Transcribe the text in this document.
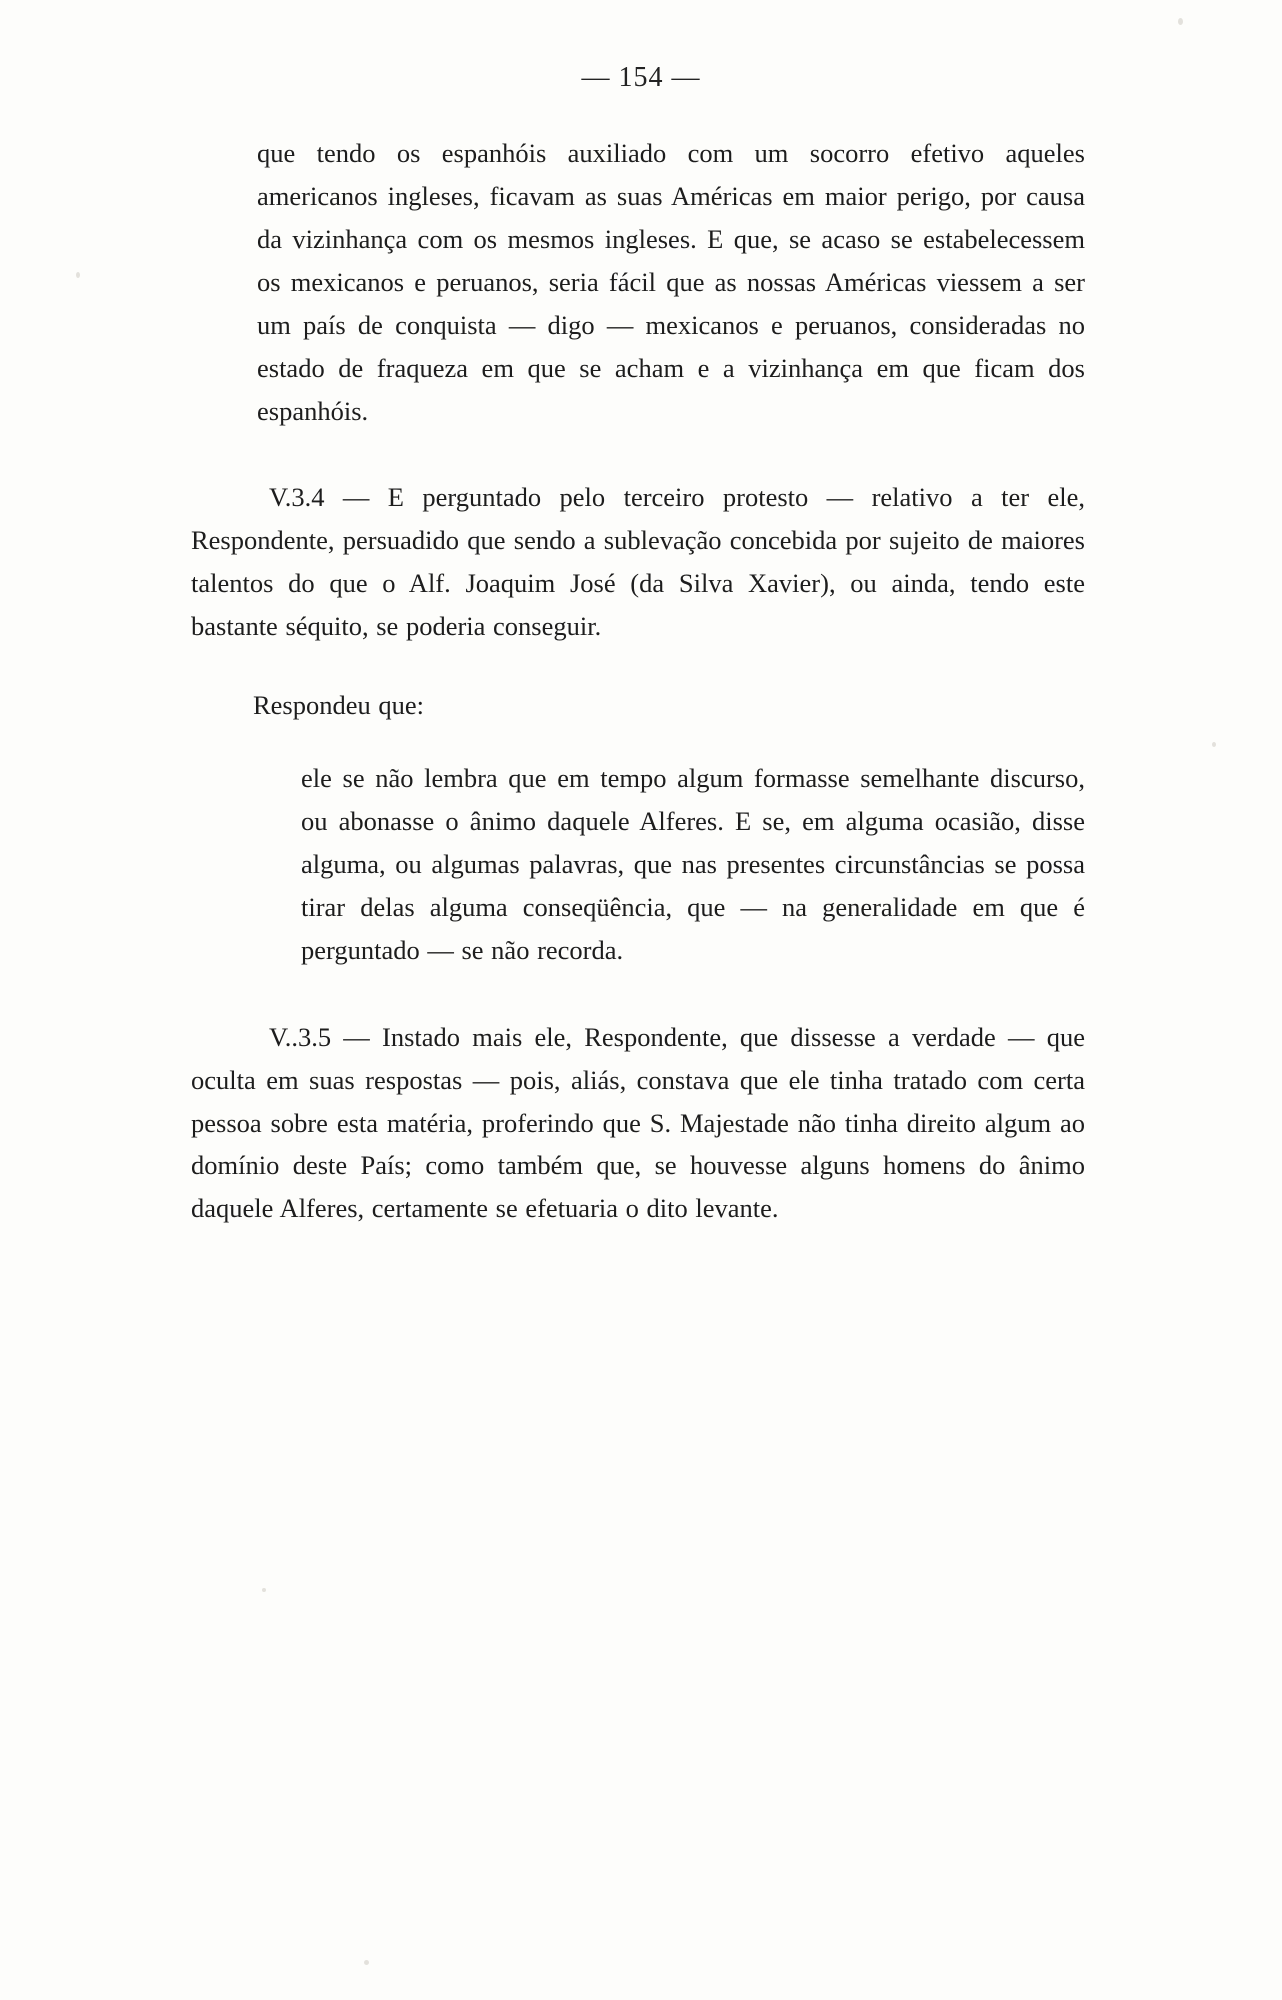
— 154 —

que tendo os espanhóis auxiliado com um socorro efetivo aqueles americanos ingleses, ficavam as suas Américas em maior perigo, por causa da vizinhança com os mesmos ingleses. E que, se acaso se estabelecessem os mexicanos e peruanos, seria fácil que as nossas Américas viessem a ser um país de conquista — digo — mexicanos e peruanos, consideradas no estado de fraqueza em que se acham e a vizinhança em que ficam dos espanhóis.

V.3.4 — E perguntado pelo terceiro protesto — relativo a ter ele, Respondente, persuadido que sendo a sublevação concebida por sujeito de maiores talentos do que o Alf. Joaquim José (da Silva Xavier), ou ainda, tendo este bastante séquito, se poderia conseguir.

Respondeu que:

ele se não lembra que em tempo algum formasse semelhante discurso, ou abonasse o ânimo daquele Alferes. E se, em alguma ocasião, disse alguma, ou algumas palavras, que nas presentes circunstâncias se possa tirar delas alguma conseqüência, que — na generalidade em que é perguntado — se não recorda.

V..3.5 — Instado mais ele, Respondente, que dissesse a verdade — que oculta em suas respostas — pois, aliás, constava que ele tinha tratado com certa pessoa sobre esta matéria, proferindo que S. Majestade não tinha direito algum ao domínio deste País; como também que, se houvesse alguns homens do ânimo daquele Alferes, certamente se efetuaria o dito levante.
